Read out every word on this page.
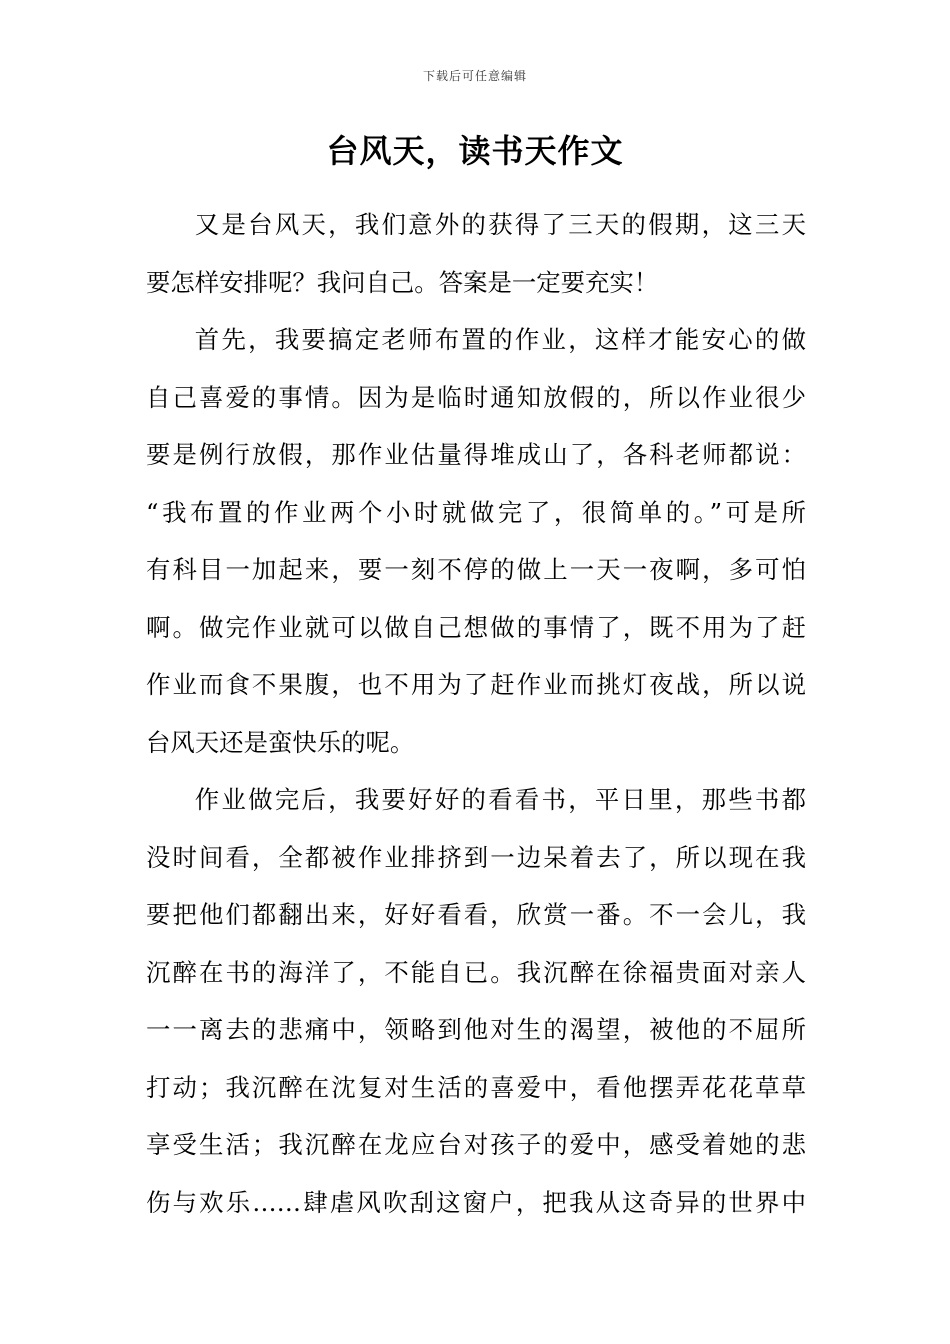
下载后可任意编辑
台风天，读书天作文

又是台风天，我们意外的获得了三天的假期，这三天
要怎样安排呢？我问自己。答案是一定要充实！

首先，我要搞定老师布置的作业，这样才能安心的做
自己喜爱的事情。因为是临时通知放假的，所以作业很少
要是例行放假，那作业估量得堆成山了，各科老师都说：
“我布置的作业两个小时就做完了，很简单的。”可是所
有科目一加起来，要一刻不停的做上一天一夜啊，多可怕
啊。做完作业就可以做自己想做的事情了，既不用为了赶
作业而食不果腹，也不用为了赶作业而挑灯夜战，所以说
台风天还是蛮快乐的呢。

作业做完后，我要好好的看看书，平日里，那些书都
没时间看，全都被作业排挤到一边呆着去了，所以现在我
要把他们都翻出来，好好看看，欣赏一番。不一会儿，我
沉醉在书的海洋了，不能自已。我沉醉在徐福贵面对亲人
一一离去的悲痛中，领略到他对生的渴望，被他的不屈所
打动；我沉醉在沈复对生活的喜爱中，看他摆弄花花草草
享受生活；我沉醉在龙应台对孩子的爱中，感受着她的悲
伤与欢乐……肆虐风吹刮这窗户，把我从这奇异的世界中
